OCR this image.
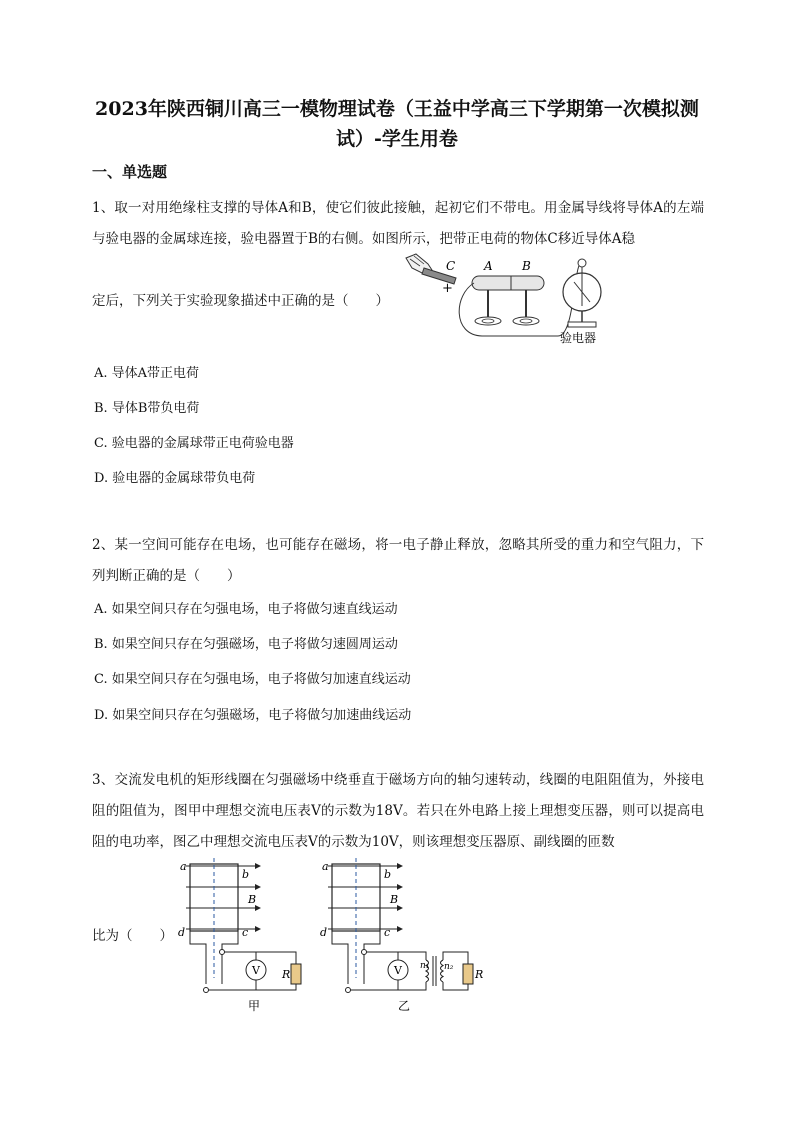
2023年陕西铜川高三一模物理试卷（王益中学高三下学期第一次模拟测试）-学生用卷
一、单选题

1、取一对用绝缘柱支撑的导体A和B，使它们彼此接触，起初它们不带电。用金属导线将导体A的左端与验电器的金属球连接，验电器置于B的右侧。如图所示，把带正电荷的物体C移近导体A稳

定后，下列关于实验现象描述中正确的是（　　）
C
+
A B
验电器
A. 导体A带正电荷
B. 导体B带负电荷
C. 验电器的金属球带正电荷验电器
D. 验电器的金属球带负电荷

2、某一空间可能存在电场，也可能存在磁场，将一电子静止释放，忽略其所受的重力和空气阻力，下列判断正确的是（　　）

A. 如果空间只存在匀强电场，电子将做匀速直线运动
B. 如果空间只存在匀强磁场，电子将做匀速圆周运动
C. 如果空间只存在匀强电场，电子将做匀加速直线运动
D. 如果空间只存在匀强磁场，电子将做匀加速曲线运动

3、交流发电机的矩形线圈在匀强磁场中绕垂直于磁场方向的轴匀速转动，线圈的电阻阻值为，外接电阻的阻值为，图甲中理想交流电压表V的示数为18V。若只在外电路上接上理想变压器，则可以提高电阻的电功率，图乙中理想交流电压表V的示数为10V，则该理想变压器原、副线圈的匝数

比为（　　）
a
b
B
d	c
V R
甲
a
b
B
d	c
V n₁ n₂
R
乙
